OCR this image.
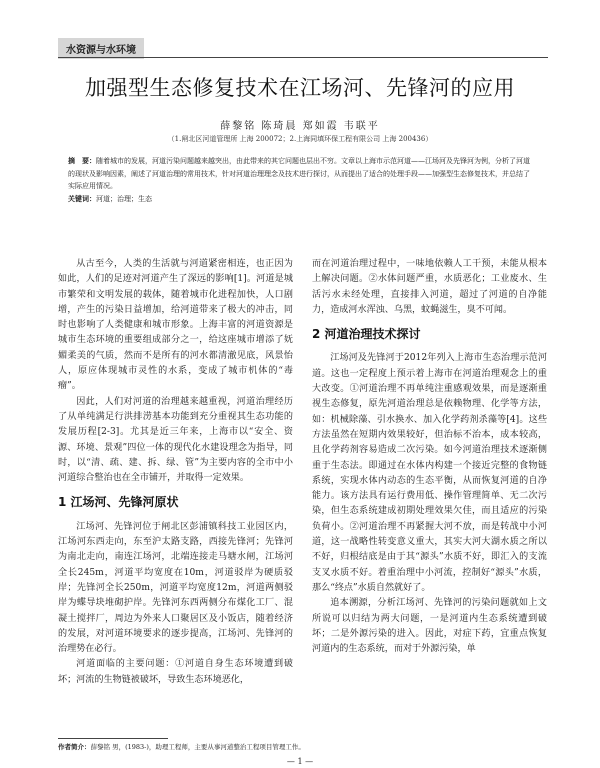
水资源与水环境
加强型生态修复技术在江场河、先锋河的应用
薛黎铭 陈琦晨 郑如霞 韦联平
（1.闸北区河道管理所 上海 200072；2.上海同填环保工程有限公司 上海 200436）
摘　要：随着城市的发展，河道污染问题越来越突出，由此带来的其它问题也层出不穷。文章以上海市示范河道——江场河及先锋河为例，分析了河道的现状及影响因素，阐述了河道治理的常用技术，针对河道治理理念及技术进行探讨，从而提出了适合的处理手段——加强型生态修复技术，并总结了实际应用情况。
关键词：河道；治理；生态

从古至今，人类的生活就与河道紧密相连，也正因为如此，人们的足迹对河道产生了深远的影响[1]。河道是城市繁荣和文明发展的载体，随着城市化进程加快，人口剧增，产生的污染日益增加，给河道带来了极大的冲击，同时也影响了人类健康和城市形象。上海丰富的河道资源是城市生态环境的重要组成部分之一，给这座城市增添了妩媚柔美的气质，然而不是所有的河水都清澈见底，风景怡人，原应体现城市灵性的水系，变成了城市机体的“毒瘤”。

因此，人们对河道的治理越来越重视，河道治理经历了从单纯满足行洪排涝基本功能到充分重视其生态功能的发展历程[2-3]。尤其是近三年来，上海市以“安全、资源、环境、景观”四位一体的现代化水建设理念为指导，同时，以“清、疏、建、拆、绿、管”为主要内容的全市中小河道综合整治也在全市铺开，并取得一定效果。

1 江场河、先锋河原状

江场河、先锋河位于闸北区彭浦镇科技工业园区内，江场河东西走向，东至沪太路支路，西接先锋河；先锋河为南北走向，南连江场河，北端连接走马塘水闸，江场河全长245m，河道平均宽度在10m，河道驳岸为硬质驳岸；先锋河全长250m，河道平均宽度12m，河道两侧驳岸为蝶导块堆砌护岸。先锋河东西两侧分布煤化工厂、混凝土搅拌厂，周边为外来人口聚居区及小饭店，随着经济的发展，对河道环境要求的逐步提高，江场河、先锋河的治理势在必行。

河道面临的主要问题：①河道自身生态环境遭到破坏；河流的生物链被破坏，导致生态环境恶化，

而在河道治理过程中，一味地依赖人工干预，未能从根本上解决问题。②水体问题严重，水质恶化；工业废水、生活污水未经处理，直接排入河道，超过了河道的自净能力，造成河水浑浊、乌黑，蚊蝇滋生，臭不可闻。

2 河道治理技术探讨

江场河及先锋河于2012年列入上海市生态治理示范河道。这也一定程度上预示着上海市在河道治理观念上的重大改变。①河道治理不再单纯注重感观效果，而是逐渐重视生态修复，原先河道治理总是依赖物理、化学等方法，如：机械除藻、引水换水、加入化学药剂杀藻等[4]。这些方法虽然在短期内效果较好，但治标不治本，成本较高，且化学药剂容易造成二次污染。如今河道治理技术逐渐侧重于生态法。即通过在水体内构建一个接近完整的食物链系统，实现水体内动态的生态平衡，从而恢复河道的自净能力。该方法具有运行费用低、操作管理简单、无二次污染，但生态系统建成初期处理效果欠佳，而且适应的污染负荷小。②河道治理不再紧握大河不放，而是转战中小河道，这一战略性转变意义重大，其实大河大湖水质之所以不好，归根结底是由于其“源头”水质不好，即汇入的支流支叉水质不好。着重治理中小河流，控制好“源头”水质，那么“终点”水质自然就好了。

追本溯源，分析江场河、先锋河的污染问题就如上文所说可以归结为两大问题，一是河道内生态系统遭到破坏；二是外源污染的进入。因此，对症下药，宜重点恢复河道内的生态系统，而对于外源污染，单

作者简介：薛黎铭 男，(1983-)，助理工程师，主要从事河道整治工程项目管理工作。
— 1 —
